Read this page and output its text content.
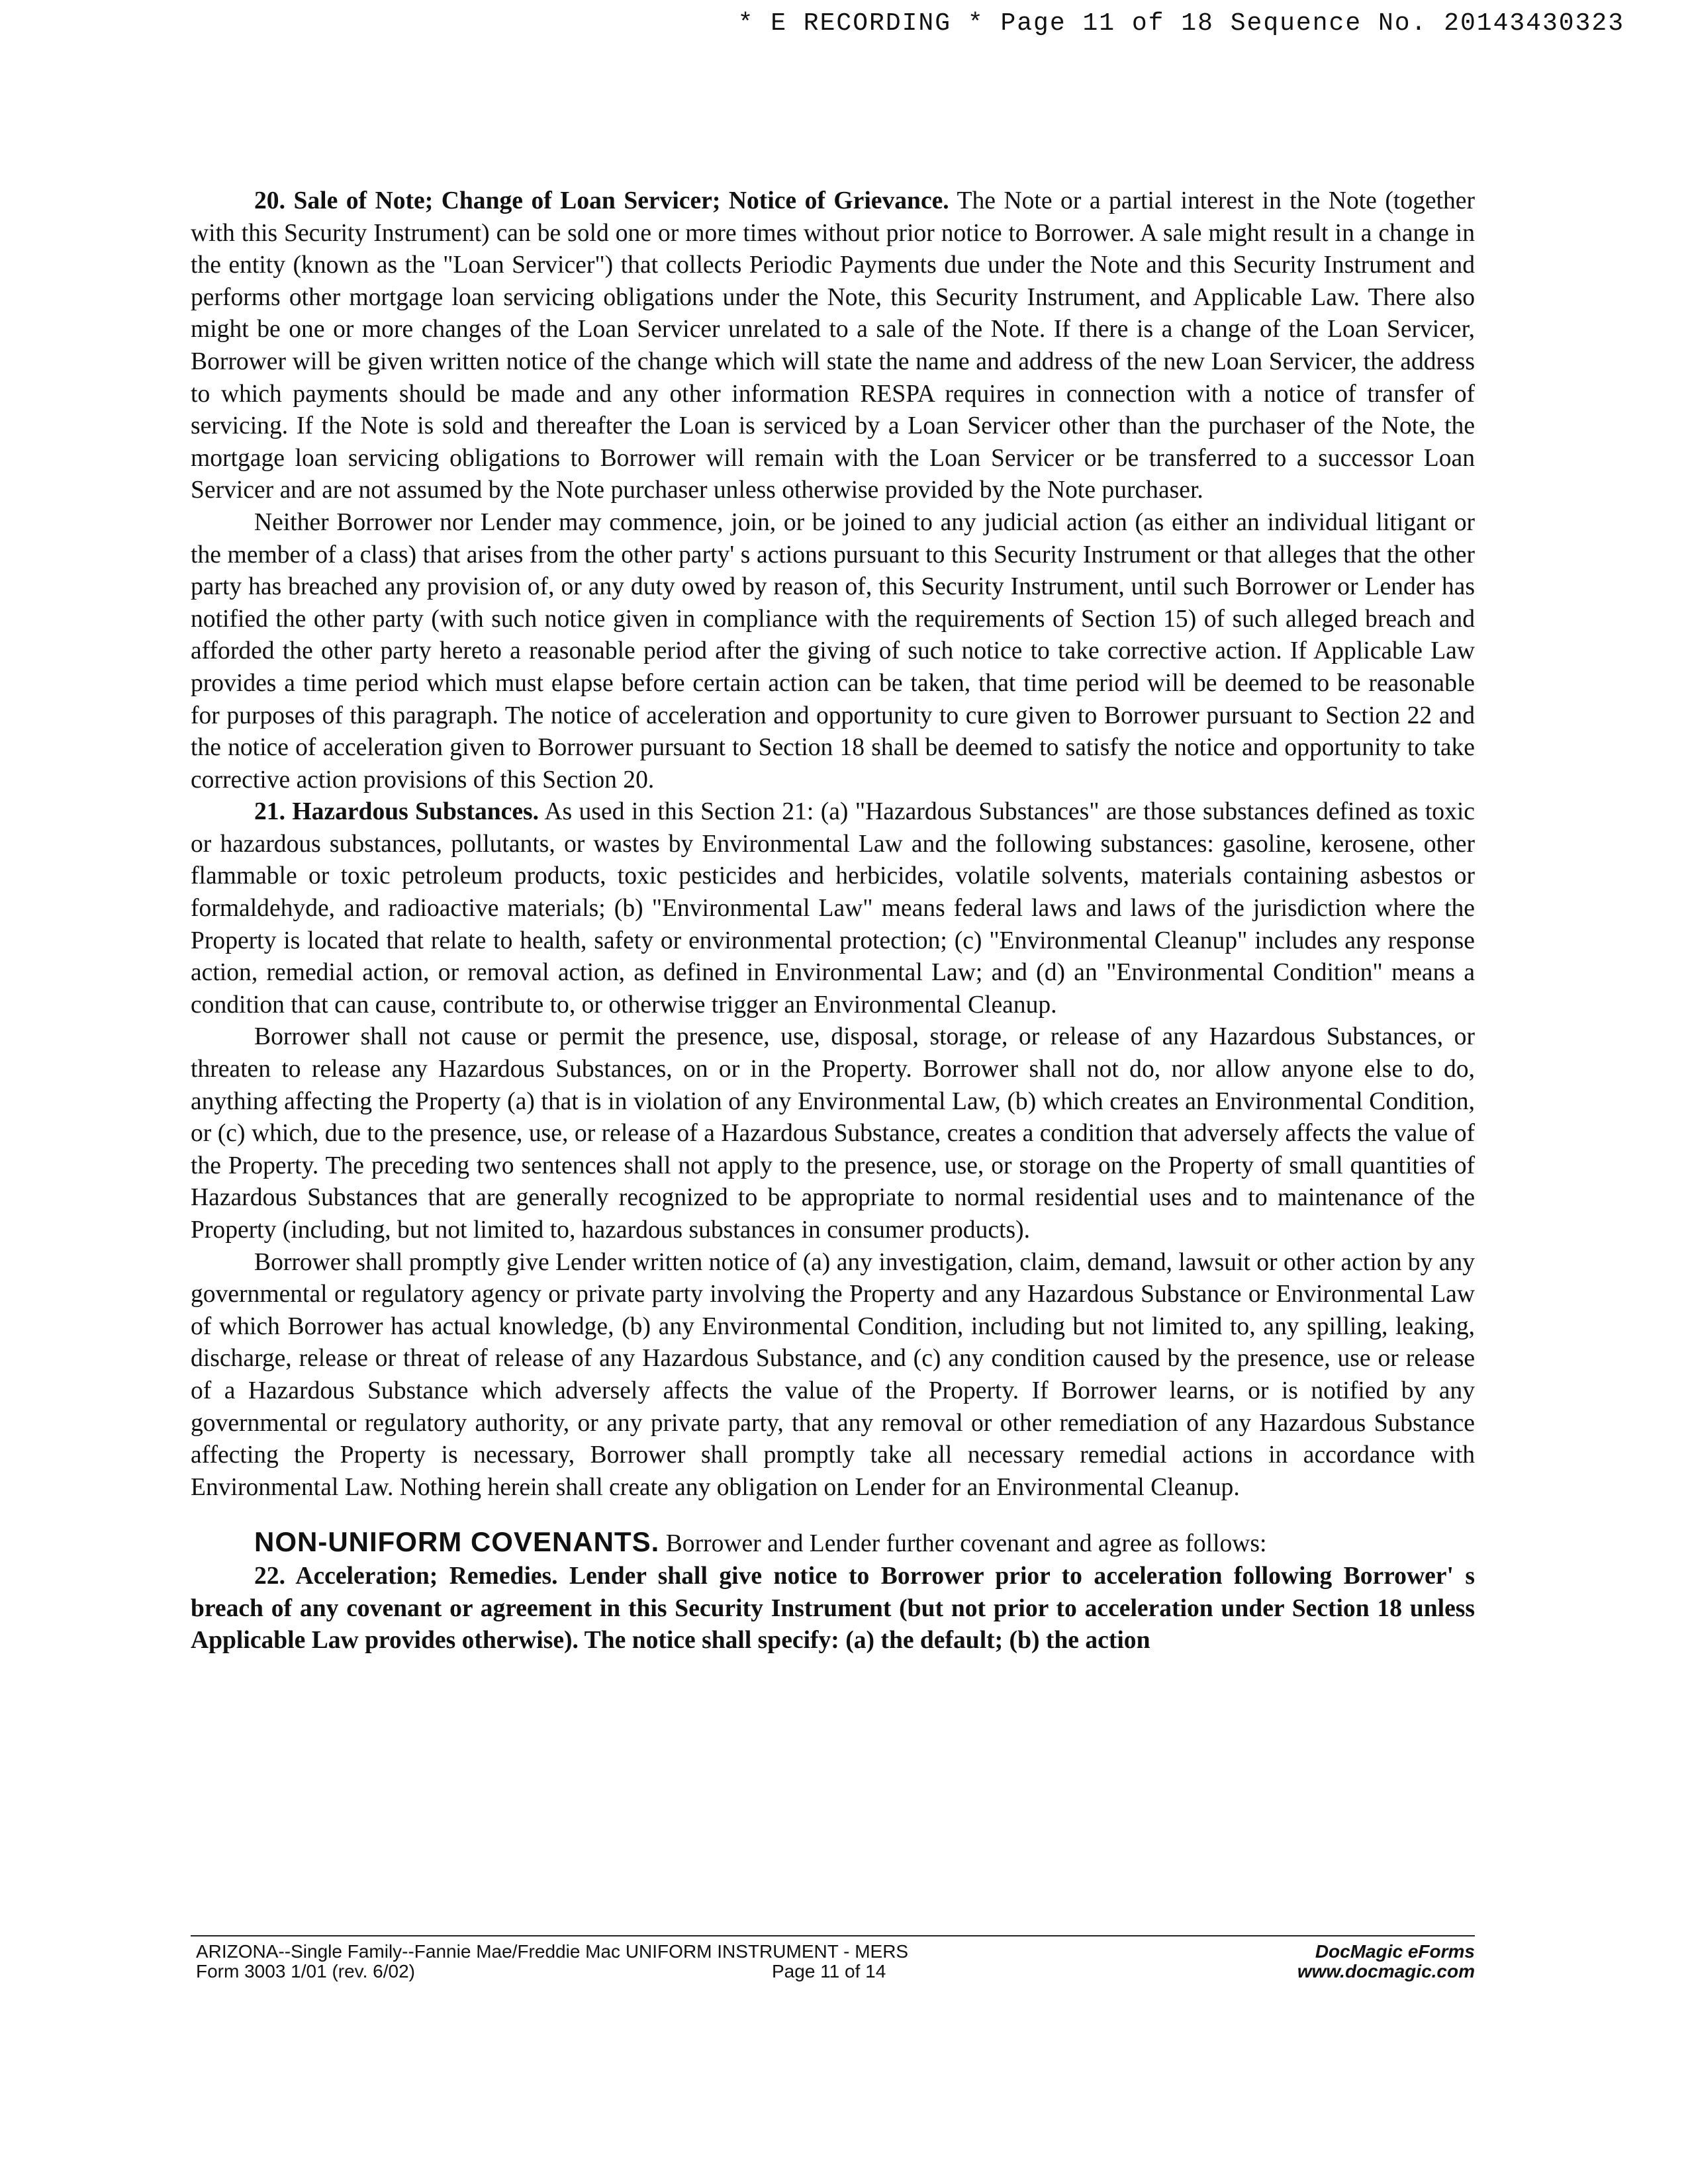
* E RECORDING * Page 11 of 18 Sequence No. 20143430323

20. Sale of Note; Change of Loan Servicer; Notice of Grievance. The Note or a partial interest in the Note (together with this Security Instrument) can be sold one or more times without prior notice to Borrower. A sale might result in a change in the entity (known as the "Loan Servicer") that collects Periodic Payments due under the Note and this Security Instrument and performs other mortgage loan servicing obligations under the Note, this Security Instrument, and Applicable Law. There also might be one or more changes of the Loan Servicer unrelated to a sale of the Note. If there is a change of the Loan Servicer, Borrower will be given written notice of the change which will state the name and address of the new Loan Servicer, the address to which payments should be made and any other information RESPA requires in connection with a notice of transfer of servicing. If the Note is sold and thereafter the Loan is serviced by a Loan Servicer other than the purchaser of the Note, the mortgage loan servicing obligations to Borrower will remain with the Loan Servicer or be transferred to a successor Loan Servicer and are not assumed by the Note purchaser unless otherwise provided by the Note purchaser.

Neither Borrower nor Lender may commence, join, or be joined to any judicial action (as either an individual litigant or the member of a class) that arises from the other party' s actions pursuant to this Security Instrument or that alleges that the other party has breached any provision of, or any duty owed by reason of, this Security Instrument, until such Borrower or Lender has notified the other party (with such notice given in compliance with the requirements of Section 15) of such alleged breach and afforded the other party hereto a reasonable period after the giving of such notice to take corrective action. If Applicable Law provides a time period which must elapse before certain action can be taken, that time period will be deemed to be reasonable for purposes of this paragraph. The notice of acceleration and opportunity to cure given to Borrower pursuant to Section 22 and the notice of acceleration given to Borrower pursuant to Section 18 shall be deemed to satisfy the notice and opportunity to take corrective action provisions of this Section 20.

21. Hazardous Substances. As used in this Section 21: (a) "Hazardous Substances" are those substances defined as toxic or hazardous substances, pollutants, or wastes by Environmental Law and the following substances: gasoline, kerosene, other flammable or toxic petroleum products, toxic pesticides and herbicides, volatile solvents, materials containing asbestos or formaldehyde, and radioactive materials; (b) "Environmental Law" means federal laws and laws of the jurisdiction where the Property is located that relate to health, safety or environmental protection; (c) "Environmental Cleanup" includes any response action, remedial action, or removal action, as defined in Environmental Law; and (d) an "Environmental Condition" means a condition that can cause, contribute to, or otherwise trigger an Environmental Cleanup.

Borrower shall not cause or permit the presence, use, disposal, storage, or release of any Hazardous Substances, or threaten to release any Hazardous Substances, on or in the Property. Borrower shall not do, nor allow anyone else to do, anything affecting the Property (a) that is in violation of any Environmental Law, (b) which creates an Environmental Condition, or (c) which, due to the presence, use, or release of a Hazardous Substance, creates a condition that adversely affects the value of the Property. The preceding two sentences shall not apply to the presence, use, or storage on the Property of small quantities of Hazardous Substances that are generally recognized to be appropriate to normal residential uses and to maintenance of the Property (including, but not limited to, hazardous substances in consumer products).

Borrower shall promptly give Lender written notice of (a) any investigation, claim, demand, lawsuit or other action by any governmental or regulatory agency or private party involving the Property and any Hazardous Substance or Environmental Law of which Borrower has actual knowledge, (b) any Environmental Condition, including but not limited to, any spilling, leaking, discharge, release or threat of release of any Hazardous Substance, and (c) any condition caused by the presence, use or release of a Hazardous Substance which adversely affects the value of the Property. If Borrower learns, or is notified by any governmental or regulatory authority, or any private party, that any removal or other remediation of any Hazardous Substance affecting the Property is necessary, Borrower shall promptly take all necessary remedial actions in accordance with Environmental Law. Nothing herein shall create any obligation on Lender for an Environmental Cleanup.

NON-UNIFORM COVENANTS. Borrower and Lender further covenant and agree as follows:

22. Acceleration; Remedies. Lender shall give notice to Borrower prior to acceleration following Borrower' s breach of any covenant or agreement in this Security Instrument (but not prior to acceleration under Section 18 unless Applicable Law provides otherwise). The notice shall specify: (a) the default; (b) the action

ARIZONA--Single Family--Fannie Mae/Freddie Mac UNIFORM INSTRUMENT - MERS
Form 3003 1/01 (rev. 6/02)	Page 11 of 14
DocMagic eForms
www.docmagic.com
